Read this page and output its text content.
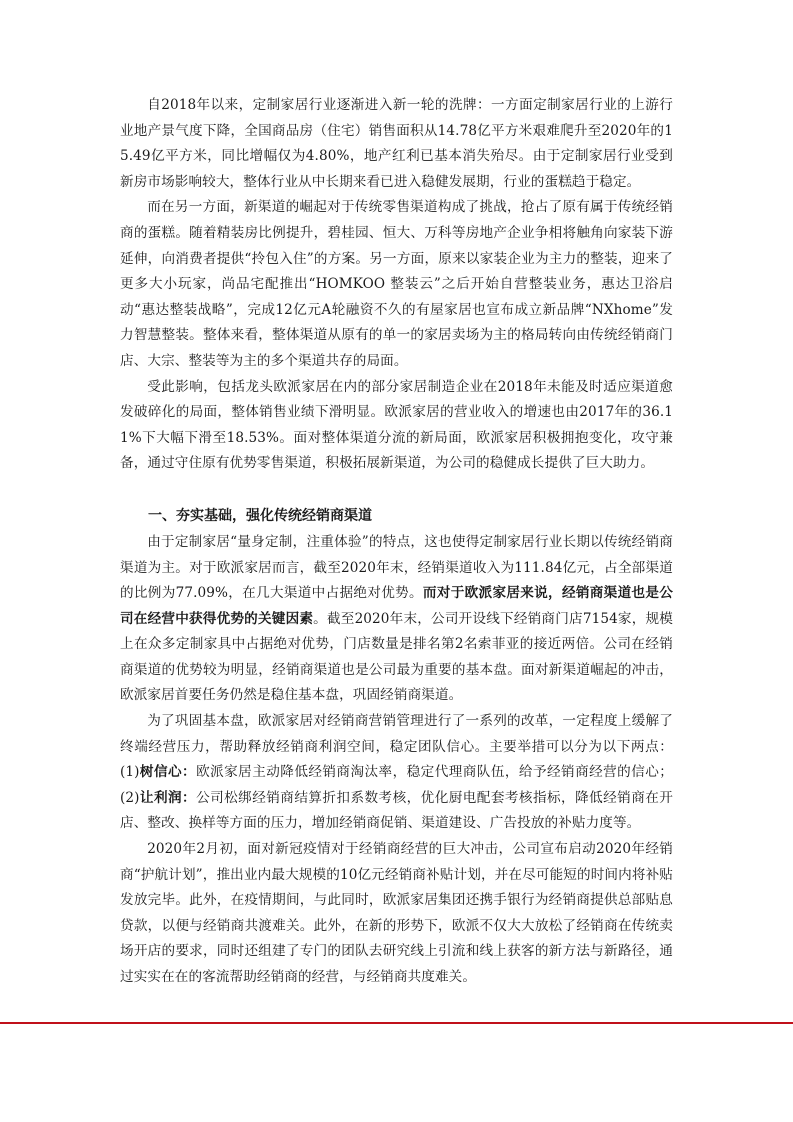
自2018年以来，定制家居行业逐渐进入新一轮的洗牌：一方面定制家居行业的上游行业地产景气度下降，全国商品房（住宅）销售面积从14.78亿平方米艰难爬升至2020年的15.49亿平方米，同比增幅仅为4.80%，地产红利已基本消失殆尽。由于定制家居行业受到新房市场影响较大，整体行业从中长期来看已进入稳健发展期，行业的蛋糕趋于稳定。

而在另一方面，新渠道的崛起对于传统零售渠道构成了挑战，抢占了原有属于传统经销商的蛋糕。随着精装房比例提升，碧桂园、恒大、万科等房地产企业争相将触角向家装下游延伸，向消费者提供“拎包入住”的方案。另一方面，原来以家装企业为主力的整装，迎来了更多大小玩家，尚品宅配推出“HOMKOO 整装云”之后开始自营整装业务，惠达卫浴启动“惠达整装战略”，完成12亿元A轮融资不久的有屋家居也宣布成立新品牌“NXhome”发力智慧整装。整体来看，整体渠道从原有的单一的家居卖场为主的格局转向由传统经销商门店、大宗、整装等为主的多个渠道共存的局面。

受此影响，包括龙头欧派家居在内的部分家居制造企业在2018年未能及时适应渠道愈发破碎化的局面，整体销售业绩下滑明显。欧派家居的营业收入的增速也由2017年的36.11%下大幅下滑至18.53%。面对整体渠道分流的新局面，欧派家居积极拥抱变化，攻守兼备，通过守住原有优势零售渠道，积极拓展新渠道，为公司的稳健成长提供了巨大助力。

一、夯实基础，强化传统经销商渠道

由于定制家居“量身定制，注重体验”的特点，这也使得定制家居行业长期以传统经销商渠道为主。对于欧派家居而言，截至2020年末，经销渠道收入为111.84亿元，占全部渠道的比例为77.09%，在几大渠道中占据绝对优势。而对于欧派家居来说，经销商渠道也是公司在经营中获得优势的关键因素。截至2020年末，公司开设线下经销商门店7154家，规模上在众多定制家具中占据绝对优势，门店数量是排名第2名索菲亚的接近两倍。公司在经销商渠道的优势较为明显，经销商渠道也是公司最为重要的基本盘。面对新渠道崛起的冲击，欧派家居首要任务仍然是稳住基本盘，巩固经销商渠道。

为了巩固基本盘，欧派家居对经销商营销管理进行了一系列的改革，一定程度上缓解了终端经营压力，帮助释放经销商利润空间，稳定团队信心。主要举措可以分为以下两点：(1)树信心：欧派家居主动降低经销商淘汰率，稳定代理商队伍，给予经销商经营的信心；(2)让利润：公司松绑经销商结算折扣系数考核，优化厨电配套考核指标，降低经销商在开店、整改、换样等方面的压力，增加经销商促销、渠道建设、广告投放的补贴力度等。

2020年2月初，面对新冠疫情对于经销商经营的巨大冲击，公司宣布启动2020年经销商“护航计划”，推出业内最大规模的10亿元经销商补贴计划，并在尽可能短的时间内将补贴发放完毕。此外，在疫情期间，与此同时，欧派家居集团还携手银行为经销商提供总部贴息贷款，以便与经销商共渡难关。此外，在新的形势下，欧派不仅大大放松了经销商在传统卖场开店的要求，同时还组建了专门的团队去研究线上引流和线上获客的新方法与新路径，通过实实在在的客流帮助经销商的经营，与经销商共度难关。
